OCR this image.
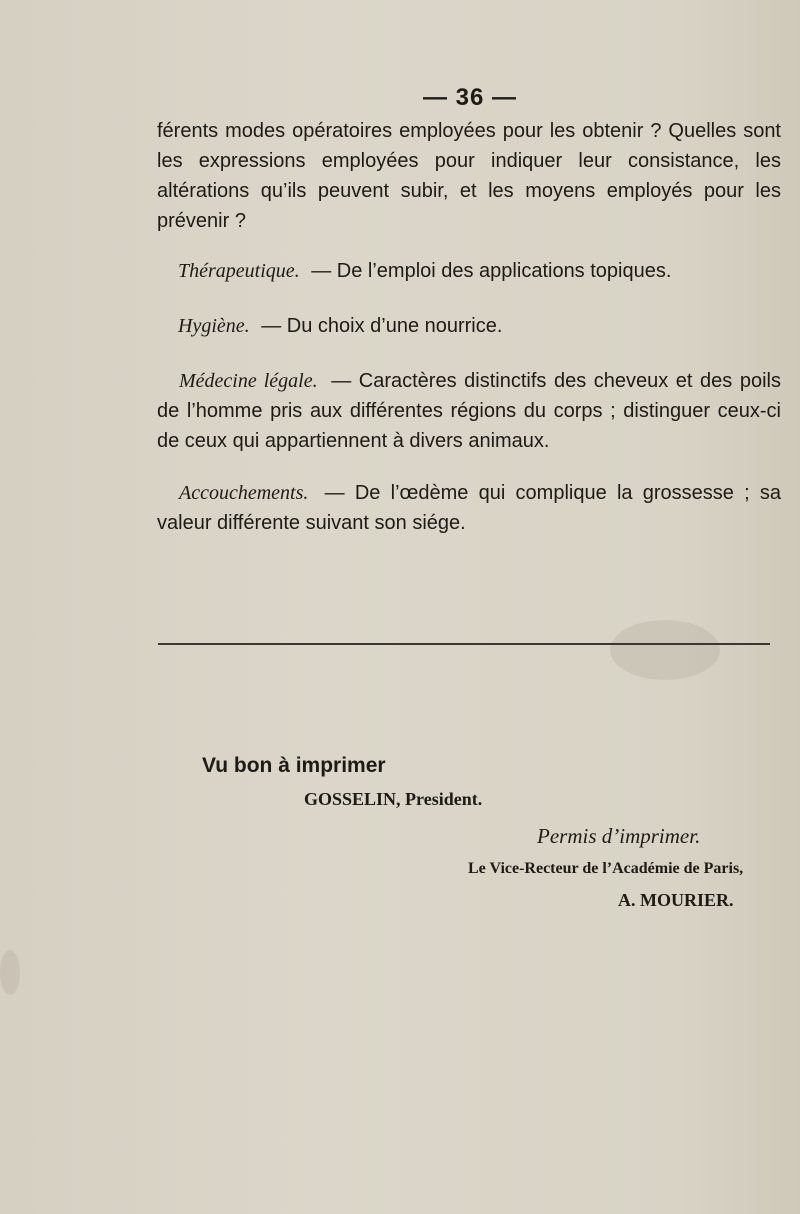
— 36 —
férents modes opératoires employées pour les obtenir ? Quelles sont les expressions employées pour indiquer leur consistance, les altérations qu’ils peuvent subir, et les moyens employés pour les prévenir ?
Thérapeutique. — De l’emploi des applications topiques.
Hygiène. — Du choix d’une nourrice.
Médecine légale. — Caractères distinctifs des cheveux et des poils de l’homme pris aux différentes régions du corps ; distinguer ceux-ci de ceux qui appartiennent à divers animaux.
Accouchements. — De l’œdème qui complique la grossesse ; sa valeur différente suivant son siége.
Vu bon à imprimer
GOSSELIN, President.
Permis d’imprimer.
Le Vice-Recteur de l’Académie de Paris,
A. MOURIER.
